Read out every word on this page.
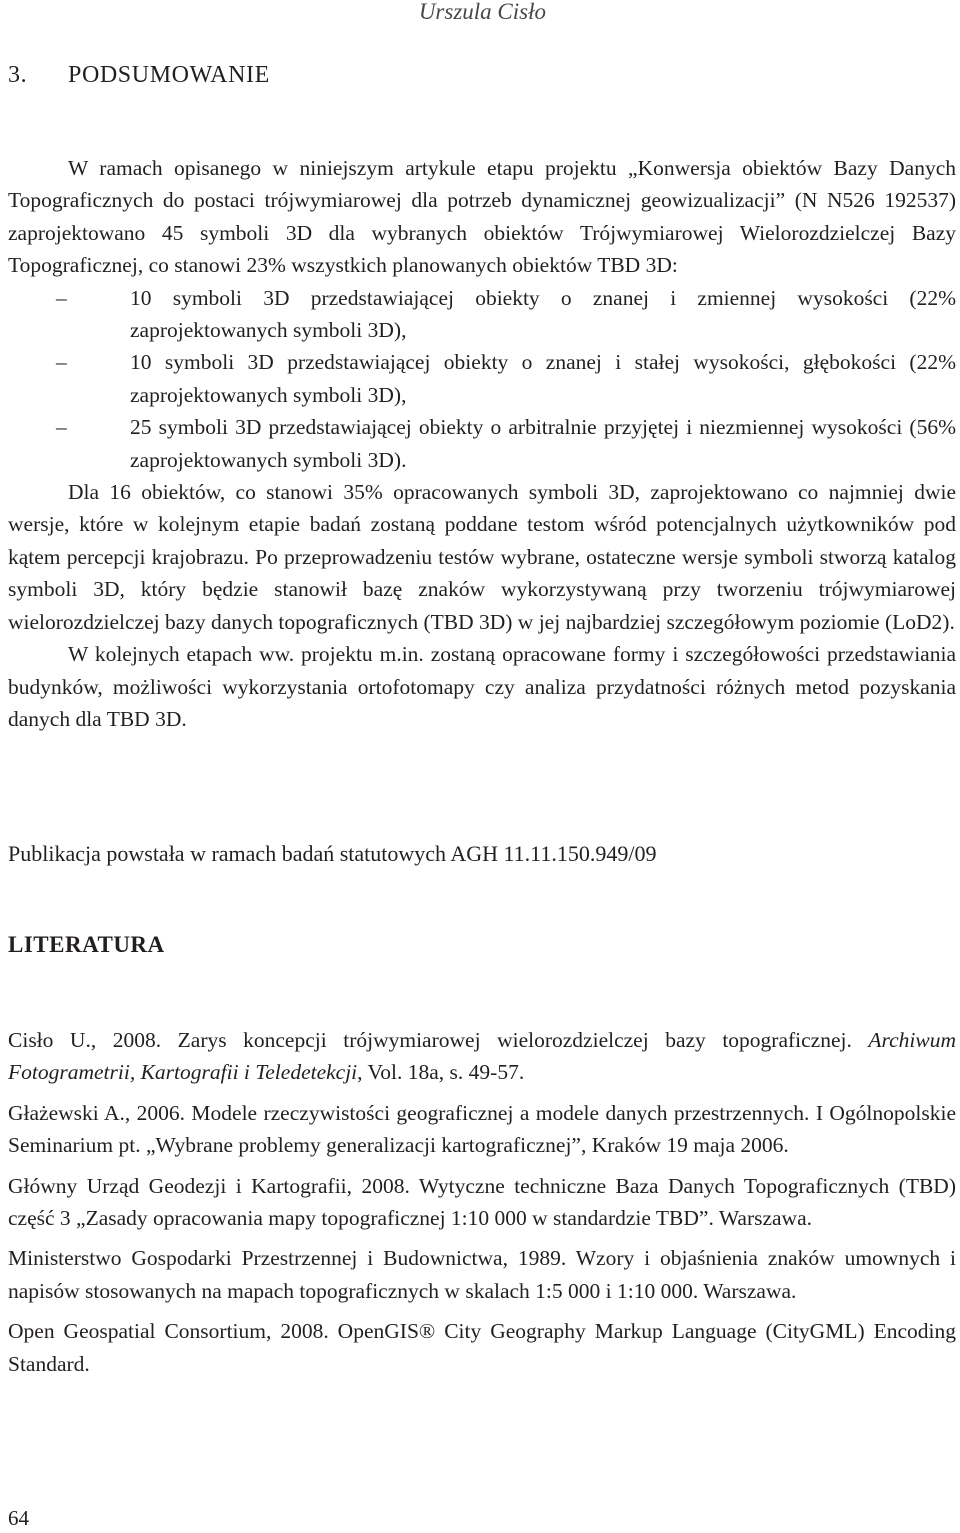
Urszula Cisło
3. PODSUMOWANIE

W ramach opisanego w niniejszym artykule etapu projektu „Konwersja obiektów Bazy Danych Topograficznych do postaci trójwymiarowej dla potrzeb dynamicznej geowizualizacji” (N N526 192537) zaprojektowano 45 symboli 3D dla wybranych obiektów Trójwymiarowej Wielorozdzielczej Bazy Topograficznej, co stanowi 23% wszystkich planowanych obiektów TBD 3D:

–	10 symboli 3D przedstawiającej obiekty o znanej i zmiennej wysokości (22% zaprojektowanych symboli 3D),
–	10 symboli 3D przedstawiającej obiekty o znanej i stałej wysokości, głębokości (22% zaprojektowanych symboli 3D),
–	25 symboli 3D przedstawiającej obiekty o arbitralnie przyjętej i niezmiennej wysokości (56% zaprojektowanych symboli 3D).

Dla 16 obiektów, co stanowi 35% opracowanych symboli 3D, zaprojektowano co najmniej dwie wersje, które w kolejnym etapie badań zostaną poddane testom wśród potencjalnych użytkowników pod kątem percepcji krajobrazu. Po przeprowadzeniu testów wybrane, ostateczne wersje symboli stworzą katalog symboli 3D, który będzie stanowił bazę znaków wykorzystywaną przy tworzeniu trójwymiarowej wielorozdzielczej bazy danych topograficznych (TBD 3D) w jej najbardziej szczegółowym poziomie (LoD2).

W kolejnych etapach ww. projektu m.in. zostaną opracowane formy i szczegółowości przedstawiania budynków, możliwości wykorzystania ortofotomapy czy analiza przydatności różnych metod pozyskania danych dla TBD 3D.

Publikacja powstała w ramach badań statutowych AGH 11.11.150.949/09
LITERATURA

Cisło U., 2008. Zarys koncepcji trójwymiarowej wielorozdzielczej bazy topograficznej. Archiwum Fotogrametrii, Kartografii i Teledetekcji, Vol. 18a, s. 49-57.

Głażewski A., 2006. Modele rzeczywistości geograficznej a modele danych przestrzennych. I Ogólnopolskie Seminarium pt. „Wybrane problemy generalizacji kartograficznej”, Kraków 19 maja 2006.

Główny Urząd Geodezji i Kartografii, 2008. Wytyczne techniczne Baza Danych Topograficznych (TBD) część 3 „Zasady opracowania mapy topograficznej 1:10 000 w standardzie TBD”. Warszawa.

Ministerstwo Gospodarki Przestrzennej i Budownictwa, 1989. Wzory i objaśnienia znaków umownych i napisów stosowanych na mapach topograficznych w skalach 1:5 000 i 1:10 000. Warszawa.

Open Geospatial Consortium, 2008. OpenGIS® City Geography Markup Language (CityGML) Encoding Standard.

64
